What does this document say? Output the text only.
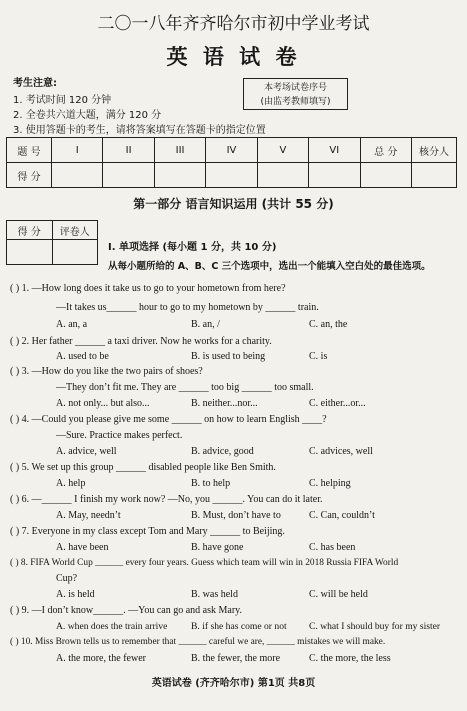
二〇一八年齐齐哈尔市初中学业考试
英 语 试 卷
考生注意:
1. 考试时间 120 分钟
2. 全卷共六道大题，满分 120 分
3. 使用答题卡的考生，请将答案填写在答题卡的指定位置
本考场试卷序号
(由监考教师填写)
题 号	I	II	III	IV	V	VI	总 分	核分人
得 分								
第一部分 语言知识运用 (共计 55 分)
得 分	评卷人

I. 单项选择 (每小题 1 分，共 10 分)
从每小题所给的 A、B、C 三个选项中，选出一个能填入空白处的最佳选项。
( ) 1. —How long does it take us to go to your hometown from here?
—It takes us______ hour to go to my hometown by ______ train.
A. an, a	B. an, /	C. an, the
( ) 2. Her father ______ a taxi driver. Now he works for a charity.
A. used to be	B. is used to being	C. is
( ) 3. —How do you like the two pairs of shoes?
—They don’t fit me. They are ______ too big ______ too small.
A. not only... but also...	B. neither...nor...	C. either...or...
( ) 4. —Could you please give me some ______ on how to learn English ____?
—Sure. Practice makes perfect.
A. advice, well	B. advice, good	C. advices, well
( ) 5. We set up this group ______ disabled people like Ben Smith.
A. help	B. to help	C. helping
( ) 6. —______ I finish my work now? —No, you ______. You can do it later.
A. May, needn’t	B. Must, don’t have to	C. Can, couldn’t
( ) 7. Everyone in my class except Tom and Mary ______ to Beijing.
A. have been	B. have gone	C. has been
( ) 8. FIFA World Cup ______ every four years. Guess which team will win in 2018 Russia FIFA World
Cup?
A. is held	B. was held	C. will be held
( ) 9. —I don’t know______. —You can go and ask Mary.
A. when does the train arrive B. if she has come or not C. what I should buy for my sister
( ) 10. Miss Brown tells us to remember that ______ careful we are, ______ mistakes we will make.
A. the more, the fewer	B. the fewer, the more	C. the more, the less
英语试卷 (齐齐哈尔市) 第1页 共8页
